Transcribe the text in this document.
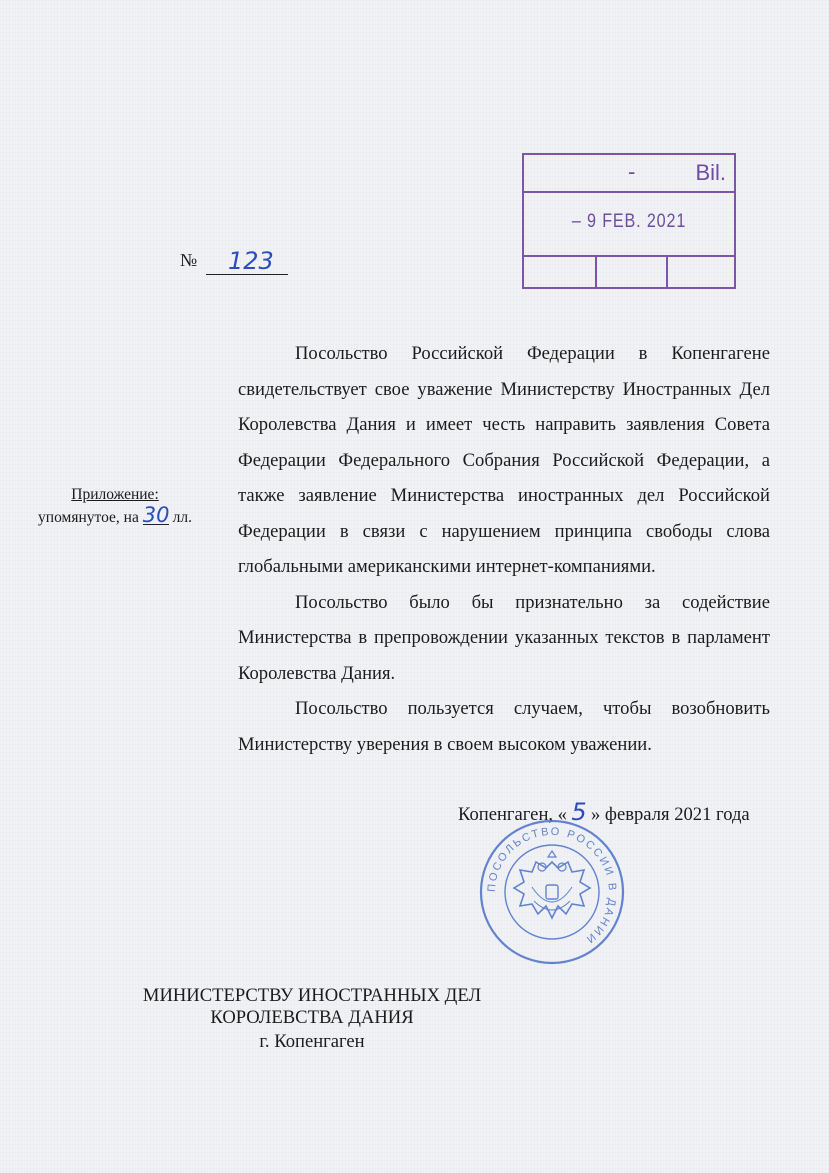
-	Bil.
– 9 FEB. 2021
№ 123
Приложение:
упомянутое, на 30 лл.

Посольство Российской Федерации в Копенгагене свидетельствует свое уважение Министерству Иностранных Дел Королевства Дания и имеет честь направить заявления Совета Федерации Федерального Собрания Российской Федерации, а также заявление Министерства иностранных дел Российской Федерации в связи с нарушением принципа свободы слова глобальными американскими интернет-компаниями.

Посольство было бы признательно за содействие Министерства в препровождении указанных текстов в парламент Королевства Дания.

Посольство пользуется случаем, чтобы возобновить Министерству уверения в своем высоком уважении.

Копенгаген, « 5 » февраля 2021 года
ПОСОЛЬСТВО РОССИИ В ДАНИИ
МИНИСТЕРСТВУ ИНОСТРАННЫХ ДЕЛ
КОРОЛЕВСТВА ДАНИЯ
г. Копенгаген
